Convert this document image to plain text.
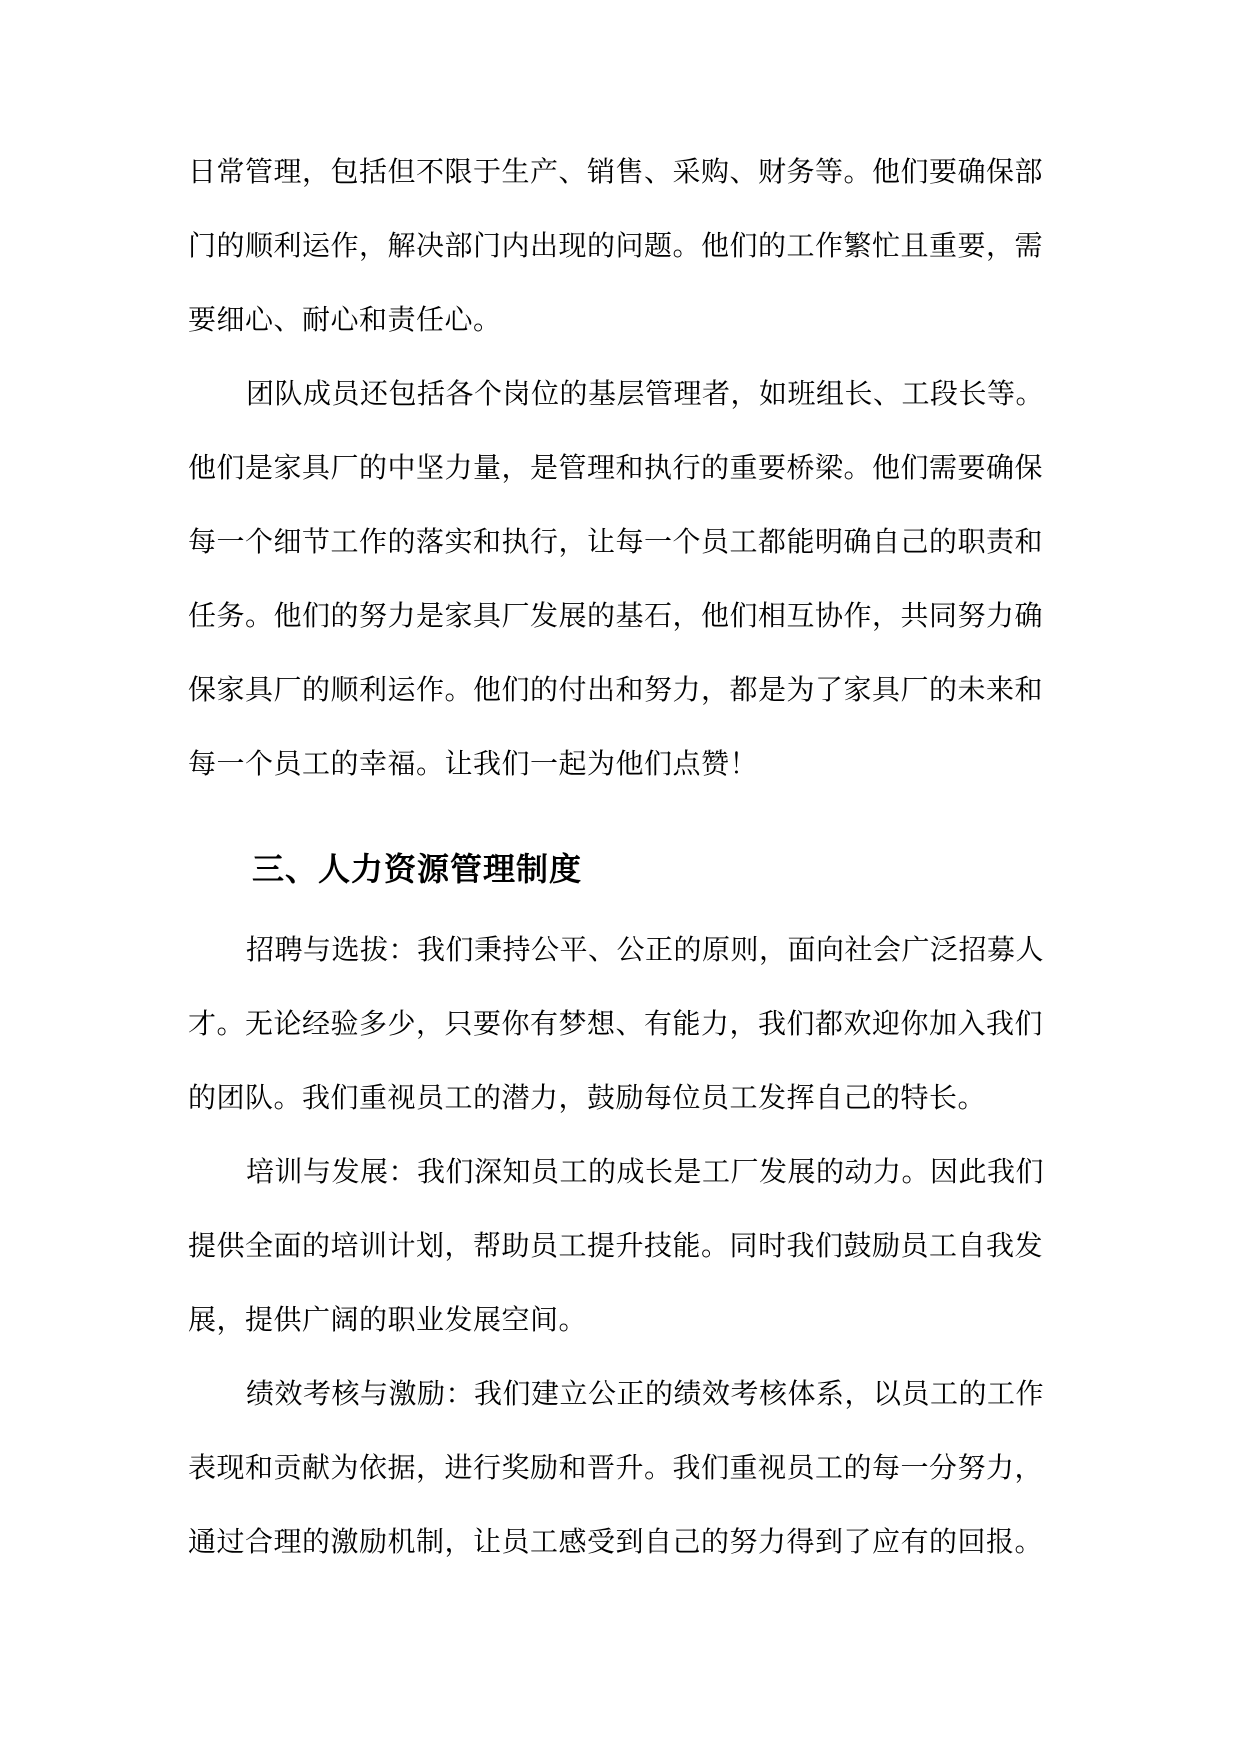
日常管理，包括但不限于生产、销售、采购、财务等。他们要确保部
门的顺利运作，解决部门内出现的问题。他们的工作繁忙且重要，需
要细心、耐心和责任心。
团队成员还包括各个岗位的基层管理者，如班组长、工段长等。
他们是家具厂的中坚力量，是管理和执行的重要桥梁。他们需要确保
每一个细节工作的落实和执行，让每一个员工都能明确自己的职责和
任务。他们的努力是家具厂发展的基石，他们相互协作，共同努力确
保家具厂的顺利运作。他们的付出和努力，都是为了家具厂的未来和
每一个员工的幸福。让我们一起为他们点赞！
三、人力资源管理制度
招聘与选拔：我们秉持公平、公正的原则，面向社会广泛招募人
才。无论经验多少，只要你有梦想、有能力，我们都欢迎你加入我们
的团队。我们重视员工的潜力，鼓励每位员工发挥自己的特长。
培训与发展：我们深知员工的成长是工厂发展的动力。因此我们
提供全面的培训计划，帮助员工提升技能。同时我们鼓励员工自我发
展，提供广阔的职业发展空间。
绩效考核与激励：我们建立公正的绩效考核体系，以员工的工作
表现和贡献为依据，进行奖励和晋升。我们重视员工的每一分努力，
通过合理的激励机制，让员工感受到自己的努力得到了应有的回报。
